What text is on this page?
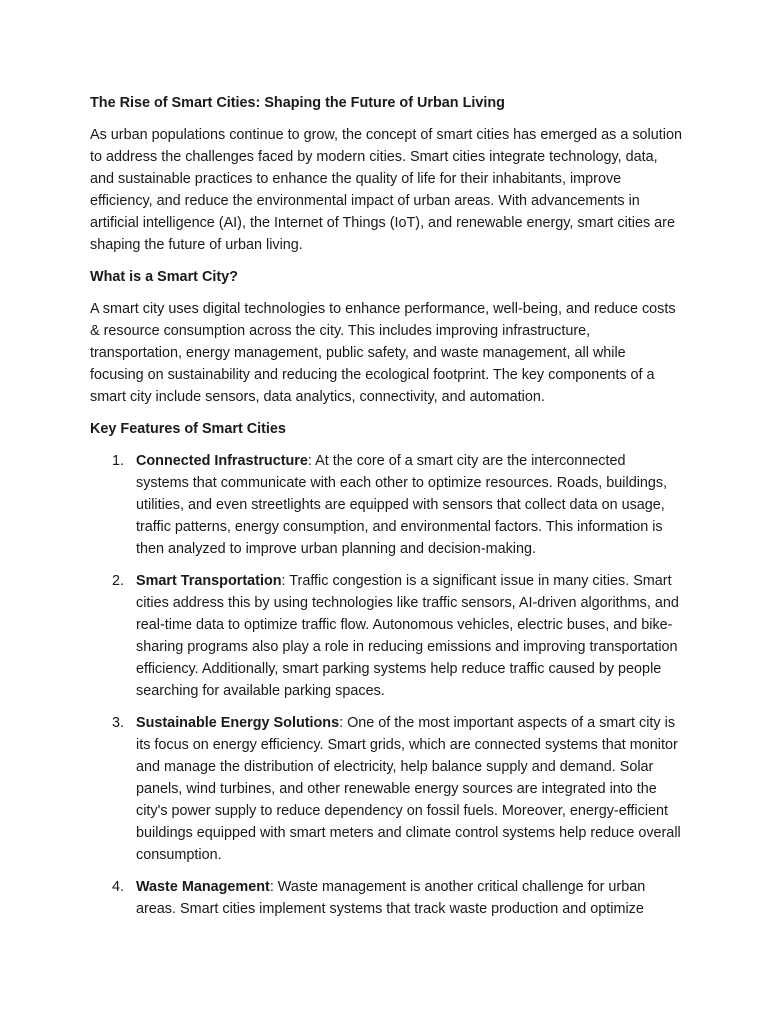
The Rise of Smart Cities: Shaping the Future of Urban Living

As urban populations continue to grow, the concept of smart cities has emerged as a solution to address the challenges faced by modern cities. Smart cities integrate technology, data, and sustainable practices to enhance the quality of life for their inhabitants, improve efficiency, and reduce the environmental impact of urban areas. With advancements in artificial intelligence (AI), the Internet of Things (IoT), and renewable energy, smart cities are shaping the future of urban living.

What is a Smart City?

A smart city uses digital technologies to enhance performance, well-being, and reduce costs & resource consumption across the city. This includes improving infrastructure, transportation, energy management, public safety, and waste management, all while focusing on sustainability and reducing the ecological footprint. The key components of a smart city include sensors, data analytics, connectivity, and automation.

Key Features of Smart Cities

1. Connected Infrastructure: At the core of a smart city are the interconnected systems that communicate with each other to optimize resources. Roads, buildings, utilities, and even streetlights are equipped with sensors that collect data on usage, traffic patterns, energy consumption, and environmental factors. This information is then analyzed to improve urban planning and decision-making.
2. Smart Transportation: Traffic congestion is a significant issue in many cities. Smart cities address this by using technologies like traffic sensors, AI-driven algorithms, and real-time data to optimize traffic flow. Autonomous vehicles, electric buses, and bike-sharing programs also play a role in reducing emissions and improving transportation efficiency. Additionally, smart parking systems help reduce traffic caused by people searching for available parking spaces.
3. Sustainable Energy Solutions: One of the most important aspects of a smart city is its focus on energy efficiency. Smart grids, which are connected systems that monitor and manage the distribution of electricity, help balance supply and demand. Solar panels, wind turbines, and other renewable energy sources are integrated into the city's power supply to reduce dependency on fossil fuels. Moreover, energy-efficient buildings equipped with smart meters and climate control systems help reduce overall consumption.
4. Waste Management: Waste management is another critical challenge for urban areas. Smart cities implement systems that track waste production and optimize
